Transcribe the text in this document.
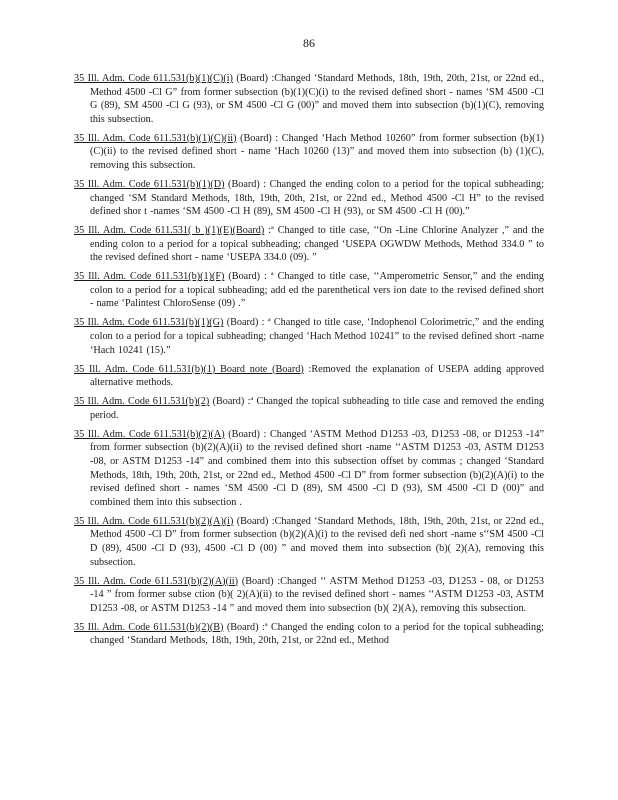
86
35 Ill. Adm. Code 611.531(b)(1)(C)(i) (Board) :Changed ‘Standard Methods, 18th, 19th, 20th, 21st, or 22nd ed., Method 4500 -Cl G” from former subsection (b)(1)(C)(i) to the revised defined short - names ‘SM 4500 -Cl G (89), SM 4500 -Cl G (93), or SM 4500 -Cl G (00)” and moved them into subsection (b)(1)(C), removing this subsection.
35 Ill. Adm. Code 611.531(b)(1)(C)(ii) (Board) : Changed ‘Hach Method 10260” from former subsection (b)(1)(C)(ii) to the revised defined short - name ‘Hach 10260 (13)” and moved them into subsection (b) (1)(C), removing this subsection.
35 Ill. Adm. Code 611.531(b)(1)(D) (Board) : Changed the ending colon to a period for the topical subheading; changed ‘SM Standard Methods, 18th, 19th, 20th, 21st, or 22nd ed., Method 4500 -Cl H” to the revised defined shor t -names ‘SM 4500 -Cl H (89), SM 4500 -Cl H (93), or SM 4500 -Cl H (00).”
35 Ill. Adm. Code 611.531( b )(1)(E)(Board) :ª Changed to title case, ‘‘On -Line Chlorine Analyzer ,” and the ending colon to a period for a topical subheading; changed ‘USEPA OGWDW Methods, Method 334.0 ” to the revised defined short - name ‘USEPA 334.0 (09). ”
35 Ill. Adm. Code 611.531(b)(1)(F) (Board) : ª Changed to title case, ‘‘Amperometric Sensor,” and the ending colon to a period for a topical subheading; add ed the parenthetical vers ion date to the revised defined short - name ‘Palintest ChloroSense (09) .”
35 Ill. Adm. Code 611.531(b)(1)(G) (Board) : ª Changed to title case, ‘Indophenol Colorimetric,” and the ending colon to a period for a topical subheading; changed ‘Hach Method 10241” to the revised defined short -name ‘Hach 10241 (15).”
35 Ill. Adm. Code 611.531(b)(1) Board note (Board) :Removed the explanation of USEPA adding approved alternative methods.
35 Ill. Adm. Code 611.531(b)(2) (Board) :ª Changed the topical subheading to title case and removed the ending period.
35 Ill. Adm. Code 611.531(b)(2)(A) (Board) : Changed ‘ASTM Method D1253 -03, D1253 -08, or D1253 -14” from former subsection (b)(2)(A)(ii) to the revised defined short -name ‘‘ASTM D1253 -03, ASTM D1253 -08, or ASTM D1253 -14” and combined them into this subsection offset by commas ; changed ‘Standard Methods, 18th, 19th, 20th, 21st, or 22nd ed., Method 4500 -Cl D” from former subsection (b)(2)(A)(i) to the revised defined short - names ‘SM 4500 -Cl D (89), SM 4500 -Cl D (93), SM 4500 -Cl D (00)” and combined them into this subsection .
35 Ill. Adm. Code 611.531(b)(2)(A)(i) (Board) :Changed ‘Standard Methods, 18th, 19th, 20th, 21st, or 22nd ed., Method 4500 -Cl D” from former subsection (b)(2)(A)(i) to the revised defi ned short -name s‘‘SM 4500 -Cl D (89), 4500 -Cl D (93), 4500 -Cl D (00) ” and moved them into subsection (b)( 2)(A), removing this subsection.
35 Ill. Adm. Code 611.531(b)(2)(A)(ii) (Board) :Changed ‘‘ ASTM Method D1253 -03, D1253 - 08, or D1253 -14 ” from former subse ction (b)( 2)(A)(ii) to the revised defined short - names ‘‘ASTM D1253 -03, ASTM D1253 -08, or ASTM D1253 -14 ” and moved them into subsection (b)( 2)(A), removing this subsection.
35 Ill. Adm. Code 611.531(b)(2)(B) (Board) :ª Changed the ending colon to a period for the topical subheading; changed ‘Standard Methods, 18th, 19th, 20th, 21st, or 22nd ed., Method
